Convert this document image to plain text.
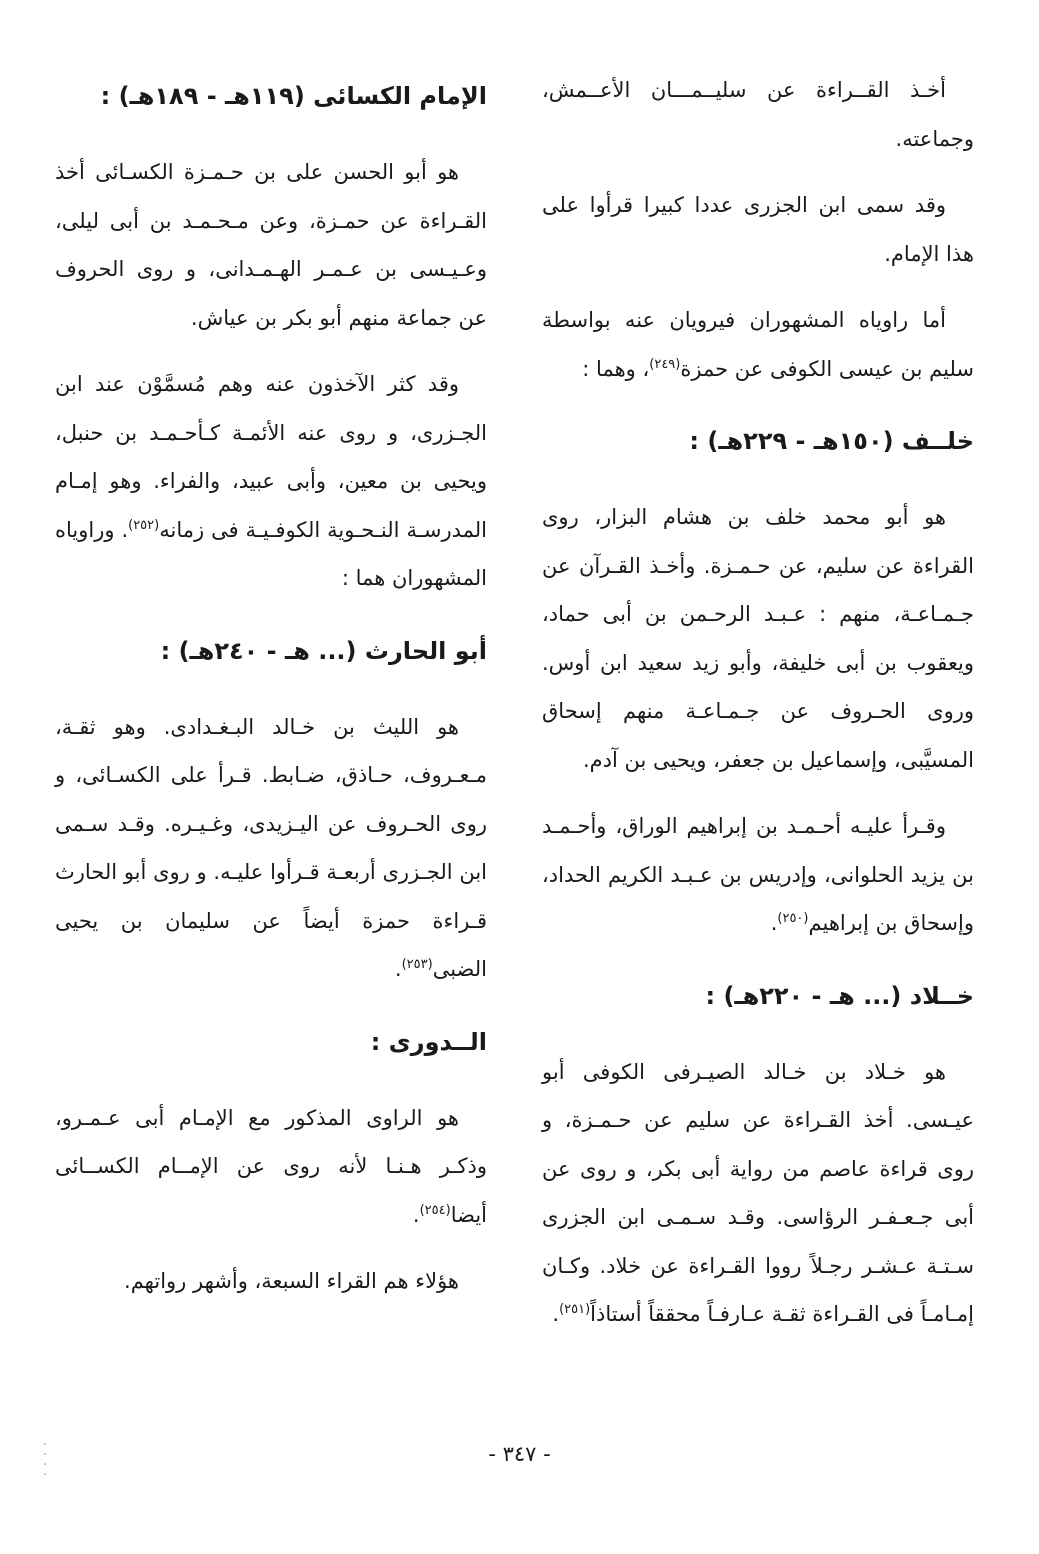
أخـذ القــراءة عن سليــمـــان الأعــمش، وجماعته.

وقد سمى ابن الجزرى عددا كبيرا قرأوا على هذا الإمام.

أما راوياه المشهوران فيرويان عنه بواسطة سليم بن عيسى الكوفى عن حمزة$^{(٢٤٩)}$، وهما :

خلــف (١٥٠هـ - ٢٢٩هـ) :

هو أبو محمد خلف بن هشام البزار، روى القراءة عن سليم، عن حـمـزة. وأخـذ القـرآن عن جـمـاعـة، منهم : عـبـد الرحـمن بن أبى حماد، ويعقوب بن أبى خليفة، وأبو زيد سعيد ابن أوس. وروى الحـروف عن جـمـاعـة منهم إسحاق المسيَّبى، وإسماعيل بن جعفر، ويحيى بن آدم.

وقـرأ عليـه أحـمـد بن إبراهيم الوراق، وأحـمـد بن يزيد الحلوانى، وإدريس بن عـبـد الكريم الحداد، وإسحاق بن إبراهيم$^{(٢٥٠)}$.

خــلاد (... هـ - ٢٢٠هـ) :

هو خـلاد بن خـالد الصيـرفى الكوفى أبو عيـسى. أخذ القـراءة عن سليم عن حـمـزة، و روى قراءة عاصم من رواية أبى بكر، و روى عن أبى جـعـفـر الرؤاسى. وقـد سـمـى ابن الجزرى سـتـة عـشـر رجـلاً رووا القـراءة عن خلاد. وكـان إمـامـاً فى القـراءة ثقـة عـارفـاً محققاً أستاذاً$^{(٢٥١)}$.

الإمام الكسائى (١١٩هـ - ١٨٩هـ) :

هو أبو الحسن على بن حـمـزة الكسـائى أخذ القـراءة عن حمـزة، وعن مـحـمـد بن أبى ليلى، وعـيـسى بن عـمـر الهـمـدانى، و روى الحروف عن جماعة منهم أبو بكر بن عياش.

وقد كثر الآخذون عنه وهم مُسمَّوْن عند ابن الجـزرى، و روى عنه الأئمـة كـأحـمـد بن حنبل، ويحيى بن معين، وأبى عبيد، والفراء. وهو إمـام المدرسـة النـحـوية الكوفـيـة فى زمانه$^{(٢٥٢)}$. وراوياه المشهوران هما :

أبو الحارث (... هـ - ٢٤٠هـ) :

هو الليث بن خـالد البـغـدادى. وهو ثقـة، مـعـروف، حـاذق، ضـابط. قـرأ على الكسـائى، و روى الحـروف عن اليـزيدى، وغـيـره. وقـد سـمى ابن الجـزرى أربعـة قـرأوا عليـه. و روى أبو الحارث قـراءة حمزة أيضاً عن سليمان بن يحيى الضبى$^{(٢٥٣)}$.

الــدورى :

هو الراوى المذكور مع الإمـام أبى عـمـرو، وذكـر هـنـا لأنه روى عن الإمــام الكســائى أيضا$^{(٢٥٤)}$.

هؤلاء هم القراء السبعة، وأشهر رواتهم.

- ٣٤٧ -
